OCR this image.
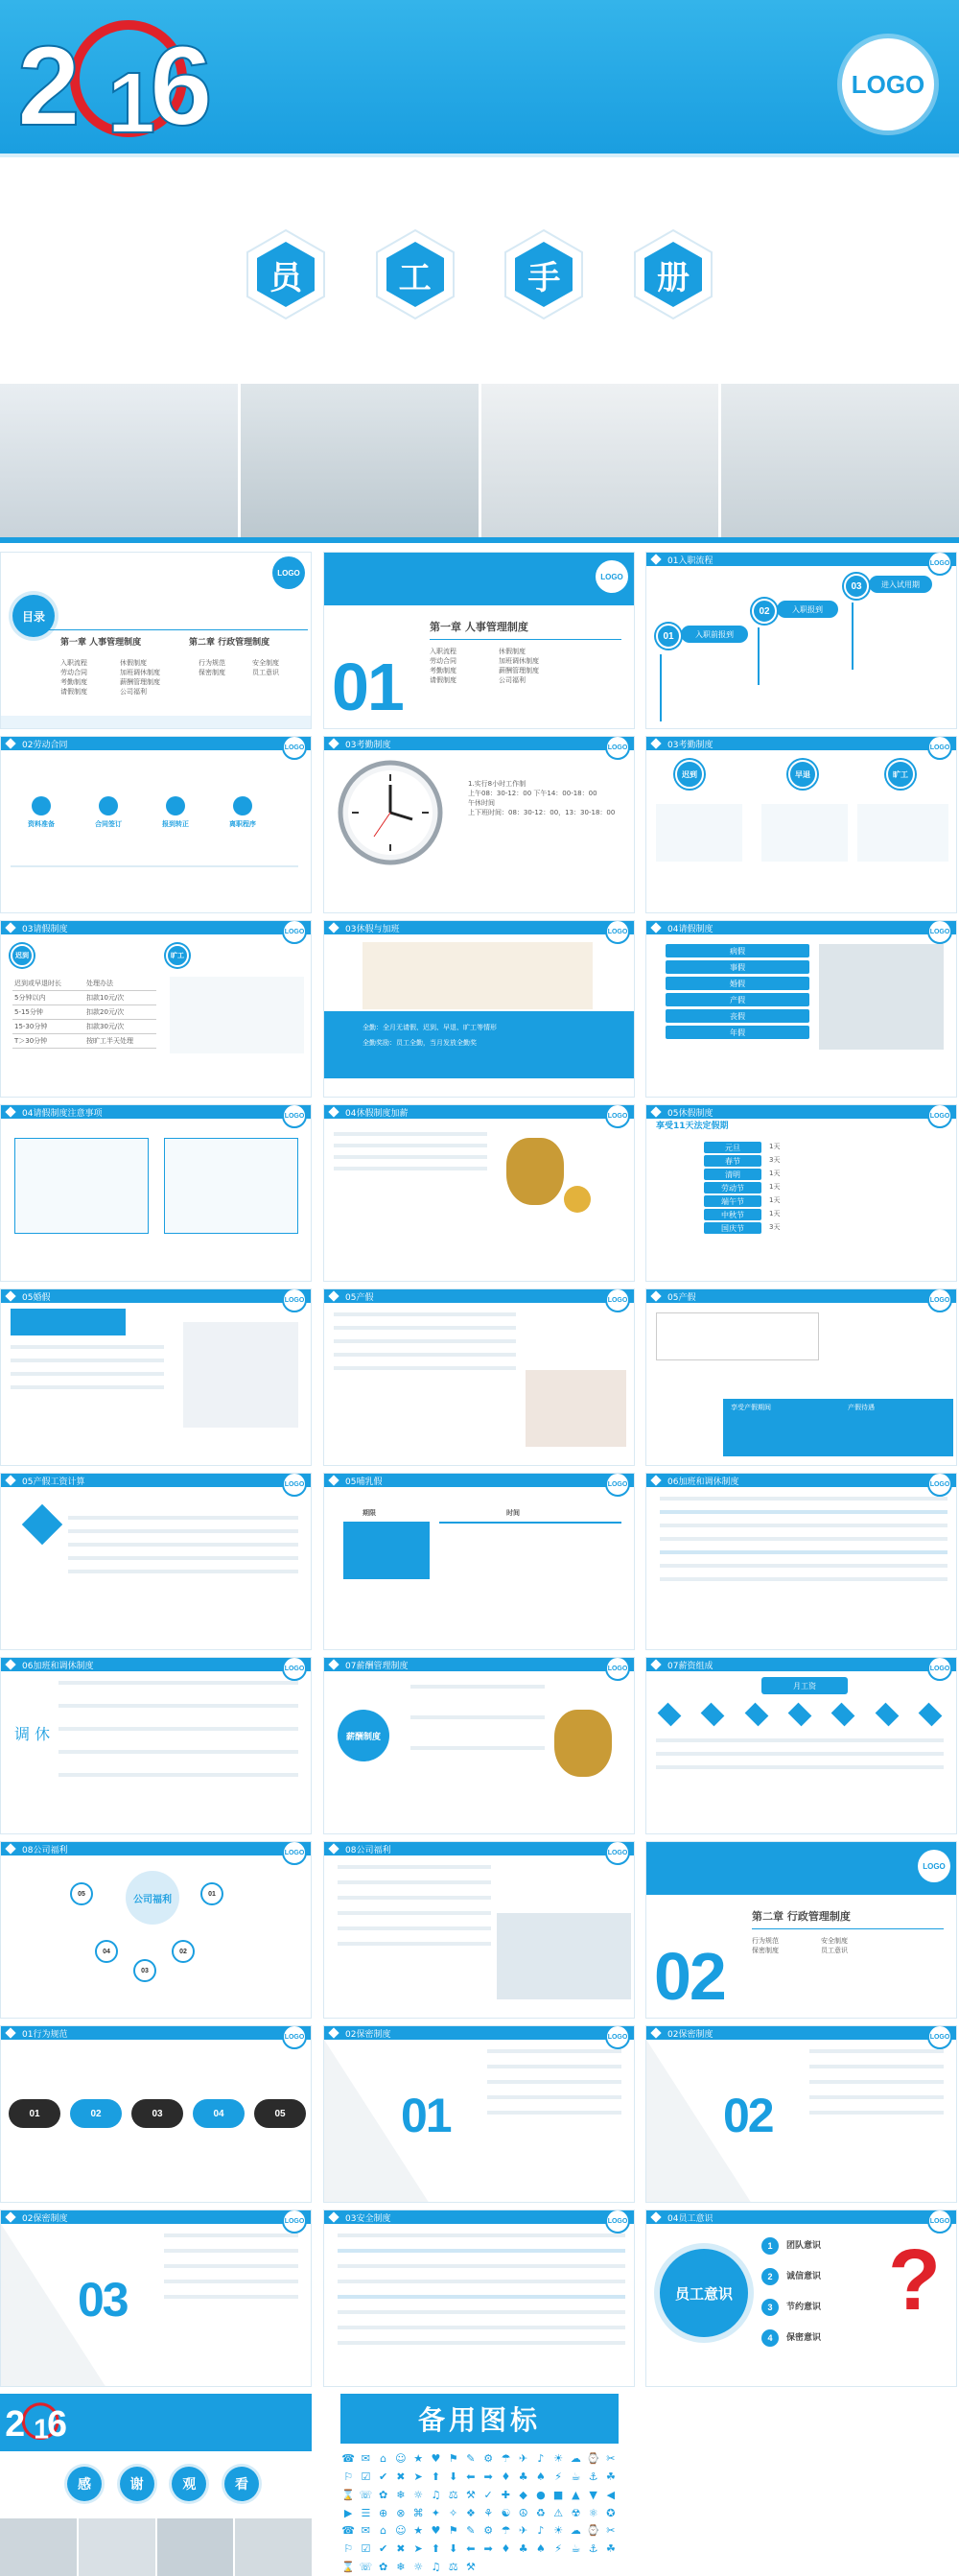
2 6
1	LOGO
员	工	手	册
LOGO
目录
第一章 人事管理制度	第二章 行政管理制度
入职流程
劳动合同
考勤制度
请假制度
休假制度
加班调休制度
薪酬管理制度
公司福利
行为规范
保密制度
安全制度
员工意识
LOGO
第一章 人事管理制度
01	入职流程
劳动合同
考勤制度
请假制度
休假制度
加班调休制度
薪酬管理制度
公司福利
01入职流程	LOGO
01	入职前报到
02	入职报到
03	进入试用期
02劳动合同	LOGO
资料准备	合同签订	报到转正	离职程序
03考勤制度	LOGO
1.实行8小时工作制
上午08：30-12：00 下午14：00-18：00
午休时间
上下班时间：08：30-12：00，13：30-18：00
03考勤制度	LOGO
迟到	早退	旷工
03请假制度	LOGO
迟到
迟到或早退时长	处理办法
5分钟以内	扣款10元/次
5-15分钟	扣款20元/次
15-30分钟	扣款30元/次
T＞30分钟	按旷工半天处理
旷工
03休假与加班	LOGO
全勤：全月无请假、迟到、早退、旷工等情形
全勤奖励：员工全勤，当月发放全勤奖
04请假制度	LOGO
病假
事假
婚假
产假
丧假
年假
04请假制度注意事项	LOGO	04休假制度加薪	LOGO	05休假制度	LOGO
享受11天法定假期
元旦	1天
春节	3天
清明	1天
劳动节	1天
端午节	1天
中秋节	1天
国庆节	3天
05婚假	LOGO	05产假	LOGO	05产假	LOGO
享受产假期间	产假待遇
05产假工资计算	LOGO	05哺乳假	LOGO
期限	时间
06加班和调休制度	LOGO
06加班和调休制度	LOGO
调 休
07薪酬管理制度	LOGO
薪酬制度
07薪资组成	LOGO
月工资
08公司福利	LOGO
公司福利
05	01
04	02
03
08公司福利	LOGO
LOGO
第二章 行政管理制度
02	行为规范
保密制度
安全制度
员工意识
01行为规范	LOGO
01	02	03	04	05
02保密制度	LOGO
01
02保密制度	LOGO
02
02保密制度	LOGO
03
03安全制度	LOGO	04员工意识	LOGO
员工意识
1	团队意识
2	诚信意识
3	节约意识
4	保密意识
?
2 6
1
感	谢	观	看
备用图标
☎ ✉ ⌂ ☺ ★ ♥ ⚑ ✎ ⚙ ☂ ✈ ♪ ☀ ☁ ⌚ ✂
⚐ ☑ ✔ ✖ ➤ ⬆ ⬇ ⬅ ➡ ♦ ♣ ♠ ⚡ ☕ ⚓ ☘
⌛ ☏ ✿ ❄ ☼ ♫ ⚖ ⚒ ✓ ✚ ◆ ● ■ ▲ ▼ ◀
▶ ☰ ⊕ ⊗ ⌘ ✦ ✧ ❖ ⚘ ☯ ☮ ♻ ⚠ ☢ ⚛ ✪
☎ ✉ ⌂ ☺ ★ ♥ ⚑ ✎ ⚙ ☂ ✈ ♪ ☀ ☁ ⌚ ✂
⚐ ☑ ✔ ✖ ➤ ⬆ ⬇ ⬅ ➡ ♦ ♣ ♠ ⚡ ☕ ⚓ ☘
⌛ ☏ ✿ ❄ ☼ ♫ ⚖ ⚒
